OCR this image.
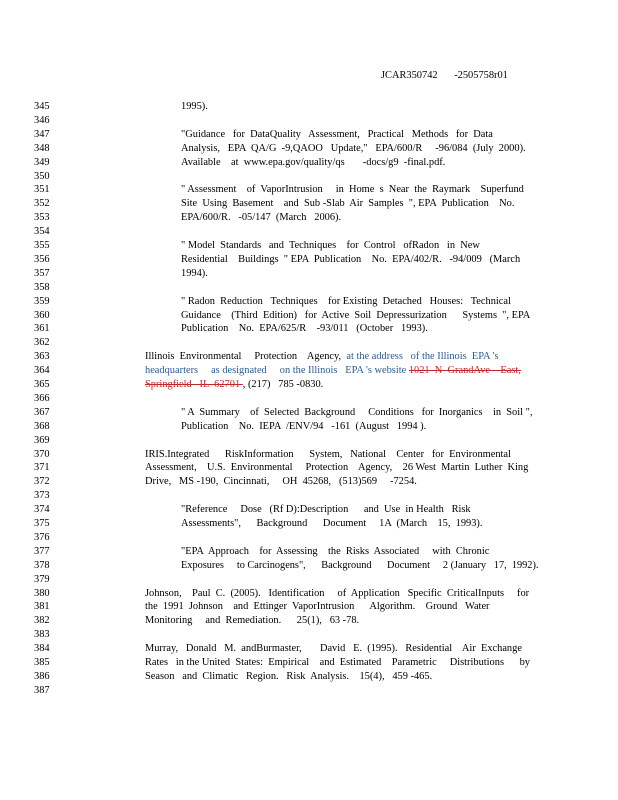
JCAR350742 -2505758r01
345	1995).
346
347	"Guidance   for  DataQuality   Assessment,   Practical   Methods   for  Data
348	Analysis,   EPA  QA/G  -9,QAOO   Update,"   EPA/600/R     -96/084  (July  2000).
349	Available    at  www.epa.gov/quality/qs       -docs/g9  -final.pdf.
350
351	" Assessment    of  VaporIntrusion     in  Home  s  Near  the  Raymark    Superfund
352	Site  Using  Basement    and  Sub -Slab  Air  Samples  ", EPA  Publication    No.
353	EPA/600/R.   -05/147  (March   2006).
354
355	" Model  Standards   and  Techniques    for  Control   ofRadon   in  New
356	Residential    Buildings  " EPA  Publication    No.  EPA/402/R.   -94/009   (March
357	1994).
358
359	" Radon  Reduction   Techniques    for Existing  Detached   Houses:   Technical
360	Guidance    (Third  Edition)   for  Active  Soil  Depressurization      Systems  ", EPA
361	Publication    No.  EPA/625/R    -93/011   (October   1993).
362
363	Illinois  Environmental     Protection    Agency,  at the address   of the Illinois  EPA 's
364	headquarters     as designated     on the Illinois   EPA 's website 1021  N  GrandAve    East,
365	Springfield   IL  62701 , (217)   785 -0830.
366
367	" A  Summary    of  Selected  Background     Conditions   for  Inorganics    in  Soil ",
368	Publication    No.  IEPA  /ENV/94   -161  (August   1994 ).
369
370	IRIS.Integrated      RiskInformation      System,   National    Center   for  Environmental
371	Assessment,    U.S.  Environmental     Protection    Agency,    26 West  Martin  Luther  King
372	Drive,   MS -190,  Cincinnati,     OH  45268,   (513)569     -7254.
373
374	"Reference     Dose   (Rf D):Description      and  Use  in Health   Risk
375	Assessments",      Background      Document     1A  (March    15,  1993).
376
377	"EPA  Approach    for  Assessing    the  Risks  Associated     with  Chronic
378	Exposures     to Carcinogens",      Background      Document     2 (January   17,  1992).
379
380	Johnson,    Paul  C.  (2005).   Identification     of  Application   Specific  CriticalInputs     for
381	the  1991  Johnson    and  Ettinger  VaporIntrusion      Algorithm.    Ground   Water
382	Monitoring     and  Remediation.      25(1),   63 -78.
383
384	Murray,   Donald   M.  andBurmaster,       David   E.  (1995).   Residential    Air  Exchange
385	Rates   in the United  States:  Empirical    and  Estimated    Parametric     Distributions      by
386	Season   and  Climatic   Region.   Risk  Analysis.    15(4),   459 -465.
387
